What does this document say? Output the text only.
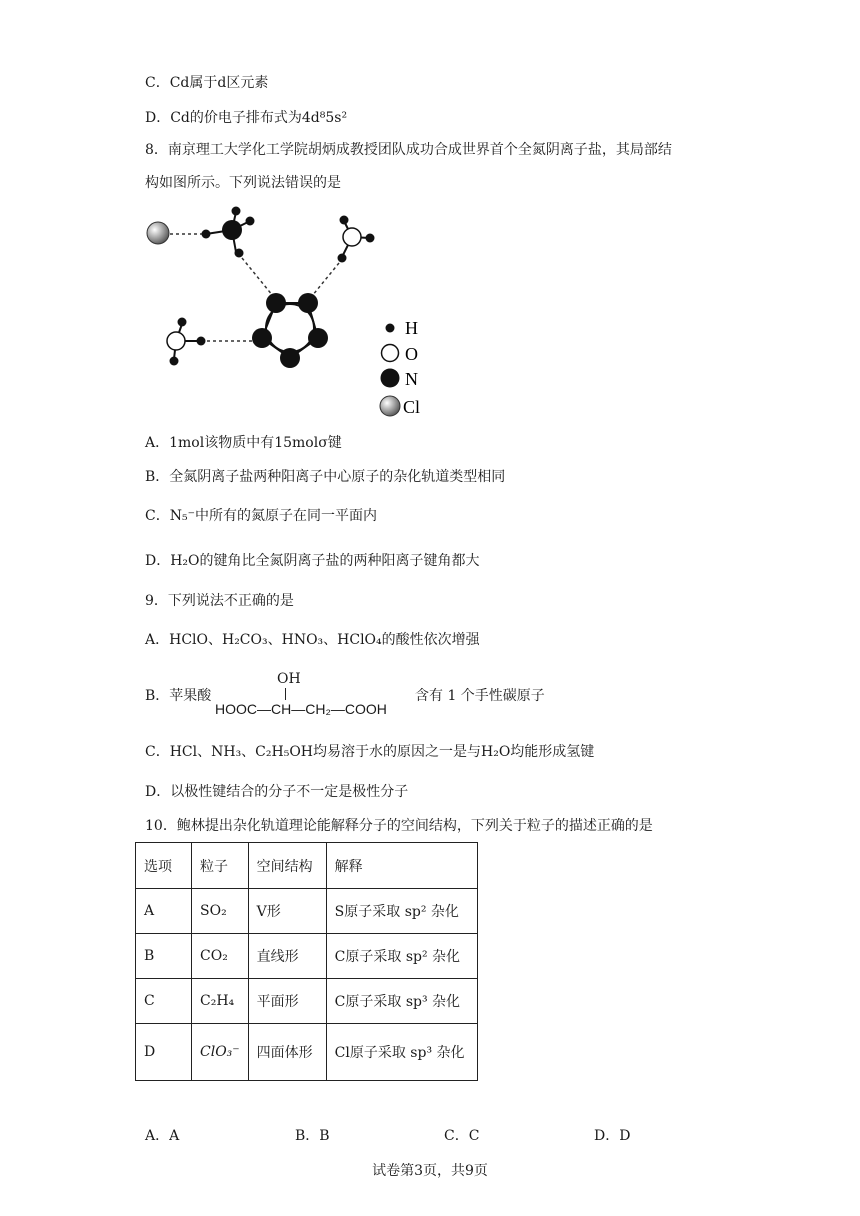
C．Cd属于d区元素
D．Cd的价电子排布式为4d⁸5s²
8．南京理工大学化工学院胡炳成教授团队成功合成世界首个全氮阴离子盐，其局部结
构如图所示。下列说法错误的是
H
O
N
Cl
A．1mol该物质中有15molσ键
B．全氮阴离子盐两种阳离子中心原子的杂化轨道类型相同
C．N₅⁻中所有的氮原子在同一平面内
D．H₂O的键角比全氮阴离子盐的两种阳离子键角都大
9．下列说法不正确的是
A．HClO、H₂CO₃、HNO₃、HClO₄的酸性依次增强
B．苹果酸
OH
HOOC—CH—CH₂—COOH
含有 1 个手性碳原子
C．HCl、NH₃、C₂H₅OH均易溶于水的原因之一是与H₂O均能形成氢键
D．以极性键结合的分子不一定是极性分子
10．鲍林提出杂化轨道理论能解释分子的空间结构，下列关于粒子的描述正确的是
选项	粒子	空间结构	解释
A	SO₂	V形	S原子采取 sp² 杂化
B	CO₂	直线形	C原子采取 sp² 杂化
C	C₂H₄	平面形	C原子采取 sp³ 杂化
D	ClO₃⁻	四面体形	Cl原子采取 sp³ 杂化
A．A	B．B	C．C	D．D
试卷第3页，共9页
